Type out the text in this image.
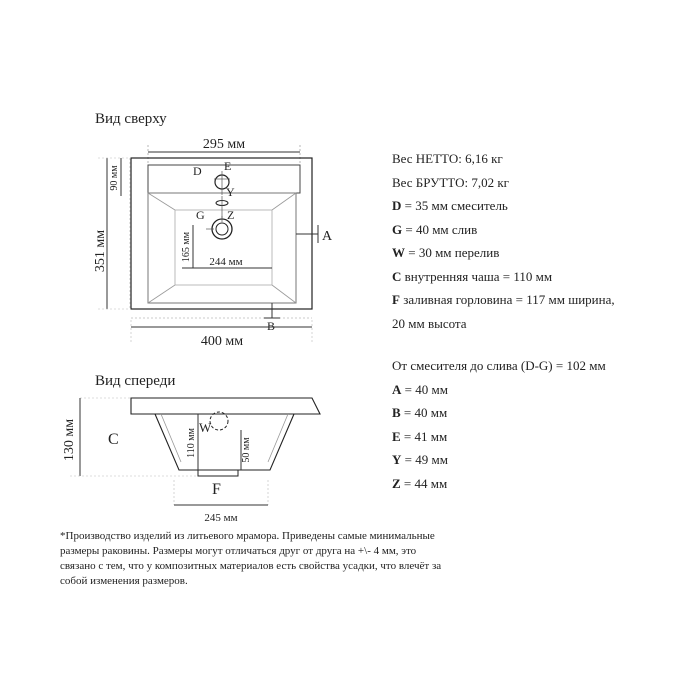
Вид сверху
Вид спереди
295 мм
90 мм
351 мм	165 мм 244 мм
D E
Y
G Z
A
B
400 мм
W
C
130 мм	110 мм	50 мм
F
245 мм
Вес НЕТТО: 6,16 кг
Вес БРУТТО: 7,02 кг
D = 35 мм смеситель
G = 40 мм слив
W = 30 мм перелив
C внутренняя чаша = 110 мм
F заливная горловина = 117 мм ширина,
20 мм высота
От смесителя до слива (D-G) = 102 мм
A = 40 мм
B = 40 мм
E = 41 мм
Y = 49 мм
Z = 44 мм
*Производство изделий из литьевого мрамора. Приведены самые минимальные размеры раковины. Размеры могут отличаться друг от друга на +\- 4 мм, это связано с тем, что у композитных материалов есть свойства усадки, что влечёт за собой изменения размеров.
